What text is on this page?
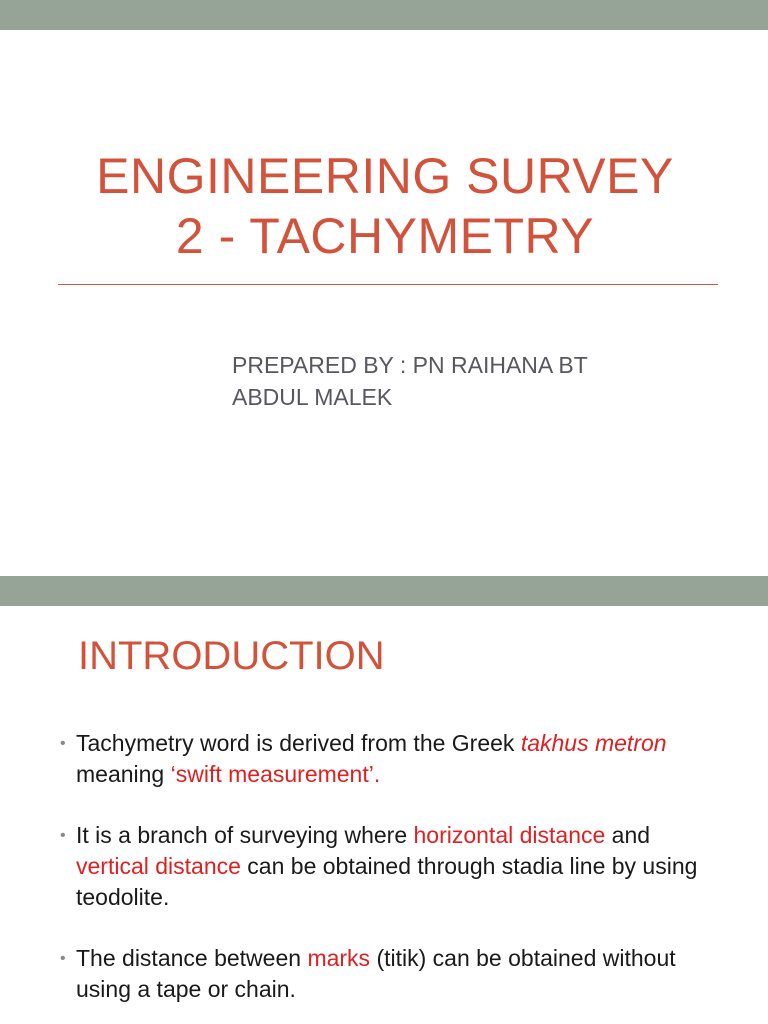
ENGINEERING SURVEY
2 - TACHYMETRY
PREPARED BY : PN RAIHANA BT
ABDUL MALEK
INTRODUCTION
• Tachymetry word is derived from the Greek takhus metron meaning ‘swift measurement’.
• It is a branch of surveying where horizontal distance and vertical distance can be obtained through stadia line by using teodolite.
• The distance between marks (titik) can be obtained without using a tape or chain.
